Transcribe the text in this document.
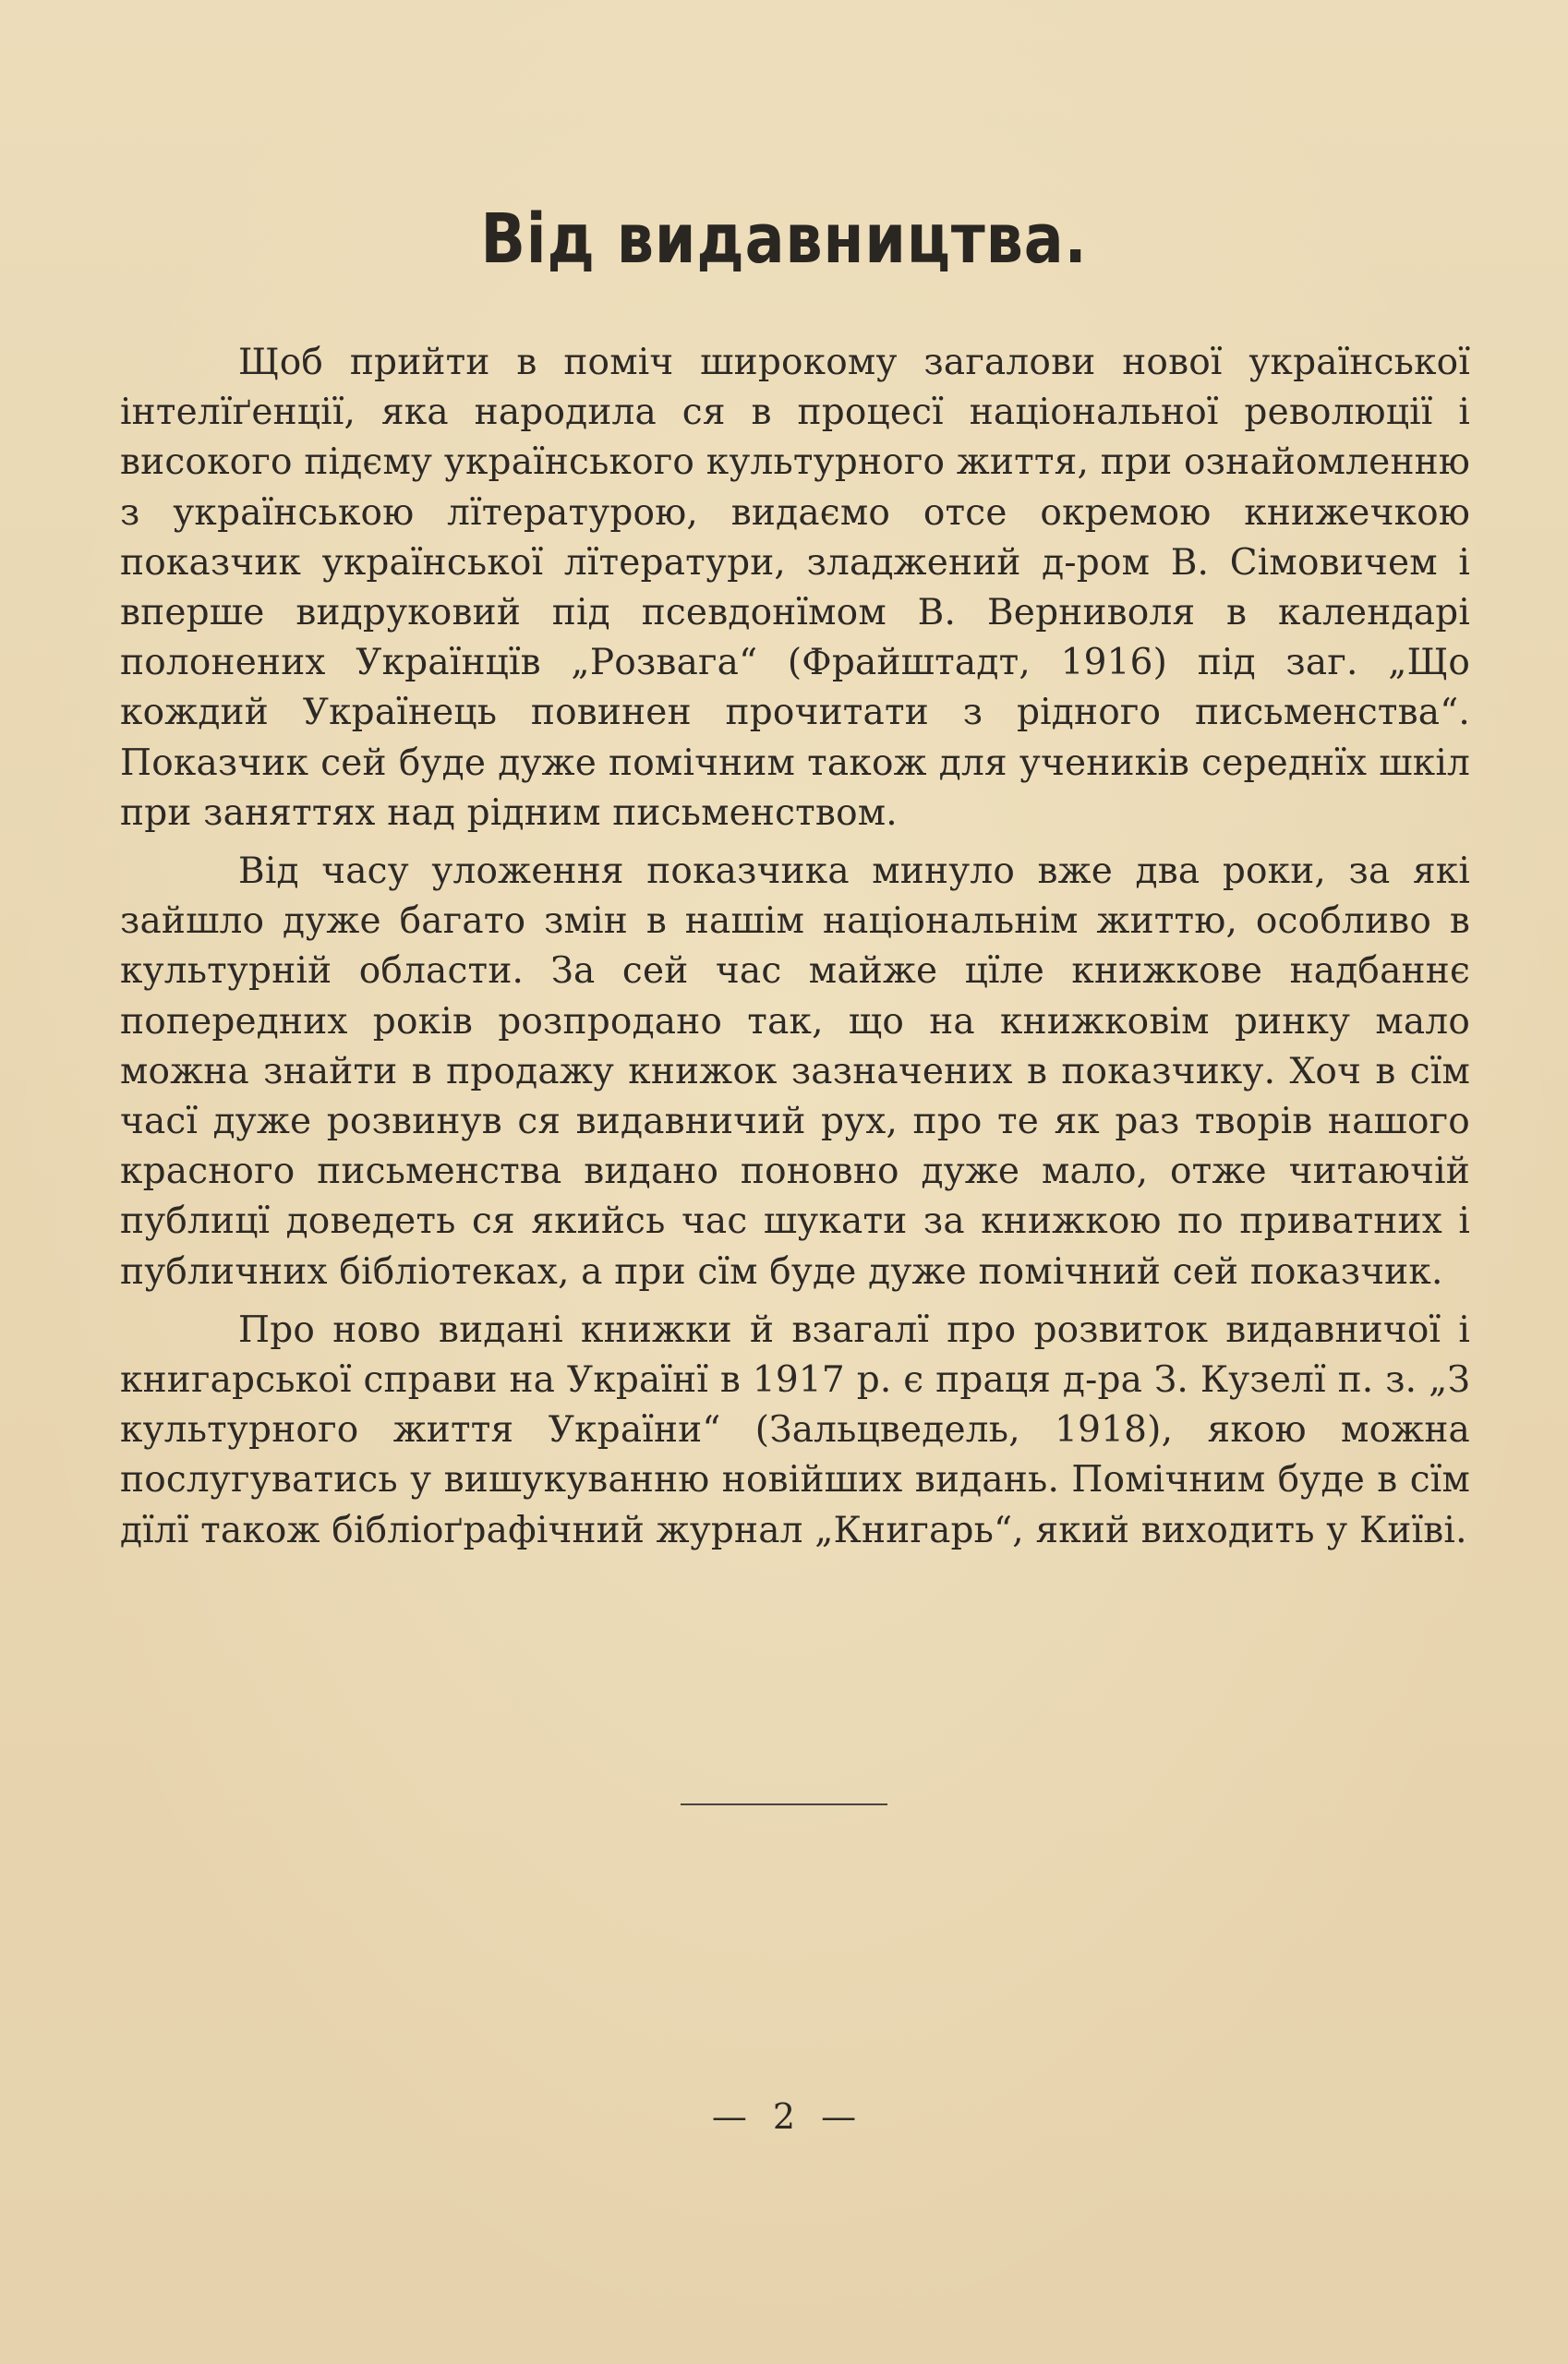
Від видавництва.

Щоб прийти в поміч широкому загалови нової української інтелїґенції, яка народила ся в процесї національної революції і високого підєму українського культурного життя, при ознайомленню з українською лїтературою, видаємо отсе окремою книжечкою показчик української лїтератури, зладжений д-ром В. Сімовичем і вперше видруковий пiд псевдонїмом В. Верниволя в календарі полонених Українцїв „Розвага“ (Фрайштадт, 1916) під заг. „Що кождий Українець повинен прочитати з рідного письменства“. Показчик сей буде дуже помічним також для учеників середнїх шкіл при заняттях над рідним письменством.

Від часу уложення показчика минуло вже два роки, за які зайшло дуже багато змін в нашім національнім життю, особливо в культурній области. За сей час майже цїле книжкове надбаннє попередних років розпродано так, що на книжковім ринку мало можна знайти в продажу книжок зазначених в показчику. Хоч в сїм часї дуже розвинув ся видавничий рух, про те як раз творів нашого красного письменства видано поновно дуже мало, отже читаючій публицї доведеть ся якийсь час шукати за книжкою по приватних і публичних бібліотеках, а при сїм буде дуже помічний сей показчик.

Про ново видані книжки й взагалї про розвиток видавничої і книгарської справи на Українї в 1917 р. є праця д-ра З. Кузелї п. з. „З культурного життя України“ (Зальцведель, 1918), якою можна послугуватись у вишукуванню новійших видань. Помічним буде в сїм дїлї також бібліоґрафічний журнал „Книгарь“, який виходить у Київі.

— 2 —
